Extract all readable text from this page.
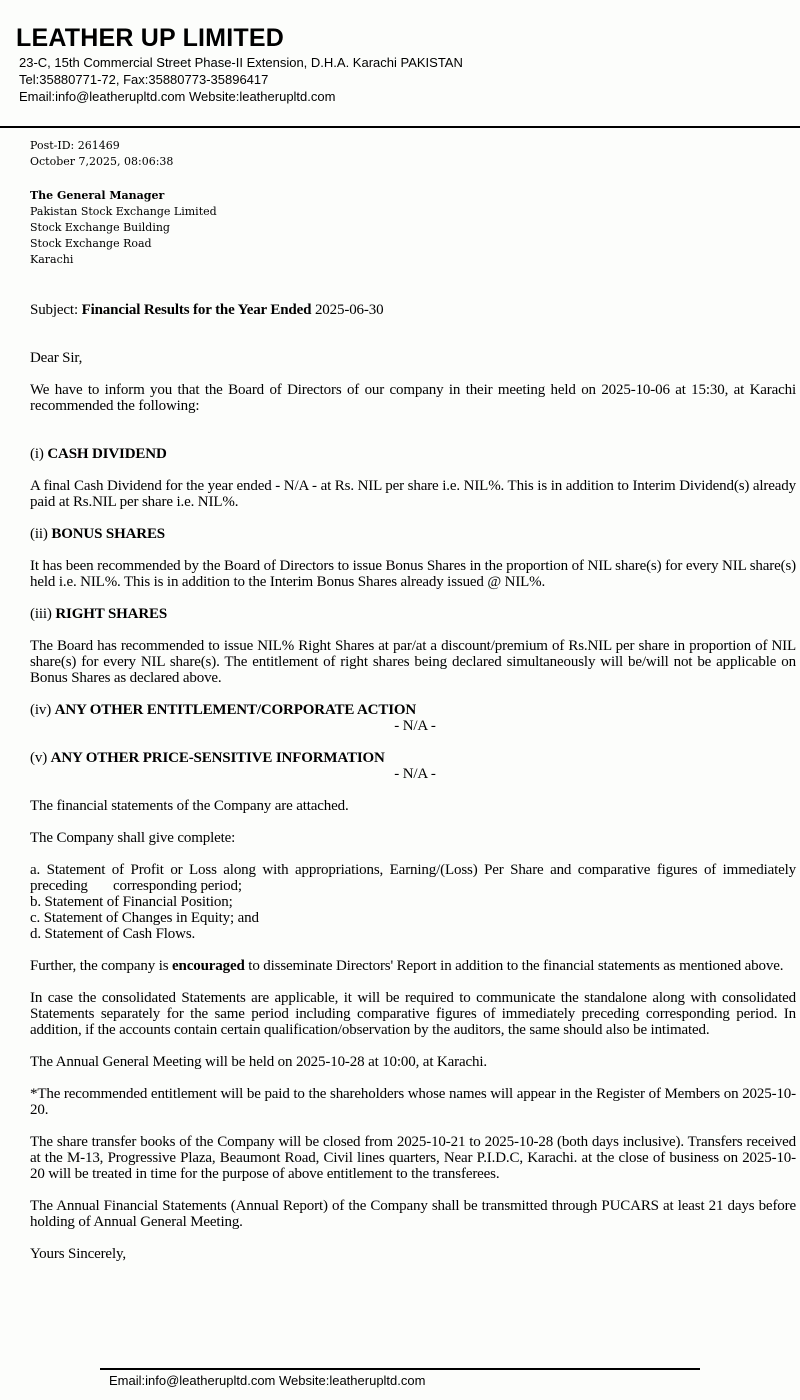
LEATHER UP LIMITED
23-C, 15th Commercial Street Phase-II Extension, D.H.A. Karachi PAKISTAN
Tel:35880771-72, Fax:35880773-35896417
Email:info@leatherupltd.com Website:leatherupltd.com
Post-ID: 261469
October 7,2025, 08:06:38
The General Manager
Pakistan Stock Exchange Limited
Stock Exchange Building
Stock Exchange Road
Karachi
Subject: Financial Results for the Year Ended 2025-06-30

Dear Sir,

We have to inform you that the Board of Directors of our company in their meeting held on 2025-10-06 at 15:30, at Karachi recommended the following:

(i) CASH DIVIDEND

A final Cash Dividend for the year ended - N/A - at Rs. NIL per share i.e. NIL%. This is in addition to Interim Dividend(s) already paid at Rs.NIL per share i.e. NIL%.

(ii) BONUS SHARES

It has been recommended by the Board of Directors to issue Bonus Shares in the proportion of NIL share(s) for every NIL share(s) held i.e. NIL%. This is in addition to the Interim Bonus Shares already issued @ NIL%.

(iii) RIGHT SHARES

The Board has recommended to issue NIL% Right Shares at par/at a discount/premium of Rs.NIL per share in proportion of NIL share(s) for every NIL share(s). The entitlement of right shares being declared simultaneously will be/will not be applicable on Bonus Shares as declared above.

(iv) ANY OTHER ENTITLEMENT/CORPORATE ACTION
- N/A -
(v) ANY OTHER PRICE-SENSITIVE INFORMATION
- N/A -

The financial statements of the Company are attached.

The Company shall give complete:

a. Statement of Profit or Loss along with appropriations, Earning/(Loss) Per Share and comparative figures of immediately preceding       corresponding period;

b. Statement of Financial Position;

c. Statement of Changes in Equity; and

d. Statement of Cash Flows.

Further, the company is encouraged to disseminate Directors' Report in addition to the financial statements as mentioned above.

In case the consolidated Statements are applicable, it will be required to communicate the standalone along with consolidated Statements separately for the same period including comparative figures of immediately preceding corresponding period. In addition, if the accounts contain certain qualification/observation by the auditors, the same should also be intimated.

The Annual General Meeting will be held on 2025-10-28 at 10:00, at Karachi.

*The recommended entitlement will be paid to the shareholders whose names will appear in the Register of Members on 2025-10-20.

The share transfer books of the Company will be closed from 2025-10-21 to 2025-10-28 (both days inclusive). Transfers received at the M-13, Progressive Plaza, Beaumont Road, Civil lines quarters, Near P.I.D.C, Karachi. at the close of business on 2025-10-20 will be treated in time for the purpose of above entitlement to the transferees.

The Annual Financial Statements (Annual Report) of the Company shall be transmitted through PUCARS at least 21 days before holding of Annual General Meeting.

Yours Sincerely,

Email:info@leatherupltd.com Website:leatherupltd.com
